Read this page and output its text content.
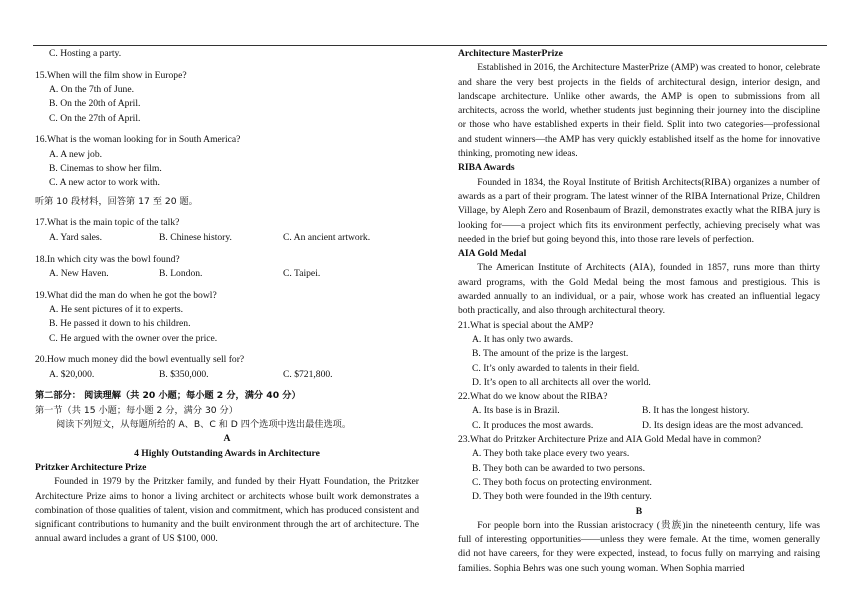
C. Hosting a party.
15.When will the film show in Europe?
A. On the 7th of June.
B. On the 20th of April.
C. On the 27th of April.
16.What is the woman looking for in South America?
A. A new job.
B. Cinemas to show her film.
C. A new actor to work with.
听第 10 段材料，回答第 17 至 20 题。
17.What is the main topic of the talk?
A. Yard sales.	B. Chinese history.	C. An ancient artwork.
18.In which city was the bowl found?
A. New Haven.	B. London.	C. Taipei.
19.What did the man do when he got the bowl?
A. He sent pictures of it to experts.
B. He passed it down to his children.
C. He argued with the owner over the price.
20.How much money did the bowl eventually sell for?
A. $20,000.	B. $350,000.	C. $721,800.
第二部分： 阅读理解（共 20 小题；每小题 2 分，满分 40 分）
第一节（共 15 小题；每小题 2 分，满分 30 分）
阅读下列短文，从每题所给的 A、B、C 和 D 四个选项中选出最佳选项。
A
4 Highly Outstanding Awards in Architecture
Pritzker Architecture Prize
Founded in 1979 by the Pritzker family, and funded by their Hyatt Foundation, the Pritzker Architecture Prize aims to honor a living architect or architects whose built work demonstrates a combination of those qualities of talent, vision and commitment, which has produced consistent and significant contributions to humanity and the built environment through the art of architecture. The annual award includes a grant of US $100, 000.
Architecture MasterPrize
Established in 2016, the Architecture MasterPrize (AMP) was created to honor, celebrate and share the very best projects in the fields of architectural design, interior design, and landscape architecture. Unlike other awards, the AMP is open to submissions from all architects, across the world, whether students just beginning their journey into the discipline or those who have established experts in their field. Split into two categories—professional and student winners—the AMP has very quickly established itself as the home for innovative thinking, promoting new ideas.
RIBA Awards
Founded in 1834, the Royal Institute of British Architects(RIBA) organizes a number of awards as a part of their program. The latest winner of the RIBA International Prize, Children Village, by Aleph Zero and Rosenbaum of Brazil, demonstrates exactly what the RIBA jury is looking for——a project which fits its environment perfectly, achieving precisely what was needed in the brief but going beyond this, into those rare levels of perfection.
AIA Gold Medal
The American Institute of Architects (AIA), founded in 1857, runs more than thirty award programs, with the Gold Medal being the most famous and prestigious. This is awarded annually to an individual, or a pair, whose work has created an influential legacy both practically, and also through architectural theory.
21.What is special about the AMP?
A. It has only two awards.
B. The amount of the prize is the largest.
C. It’s only awarded to talents in their field.
D. It’s open to all architects all over the world.
22.What do we know about the RIBA?
A. Its base is in Brazil.	B. It has the longest history.
C. It produces the most awards.	D. Its design ideas are the most advanced.
23.What do Pritzker Architecture Prize and AIA Gold Medal have in common?
A. They both take place every two years.
B. They both can be awarded to two persons.
C. They both focus on protecting environment.
D. They both were founded in the l9th century.
B
For people born into the Russian aristocracy (贵族)in the nineteenth century, life was full of interesting opportunities——unless they were female. At the time, women generally did not have careers, for they were expected, instead, to focus fully on marrying and raising families. Sophia Behrs was one such young woman. When Sophia married
